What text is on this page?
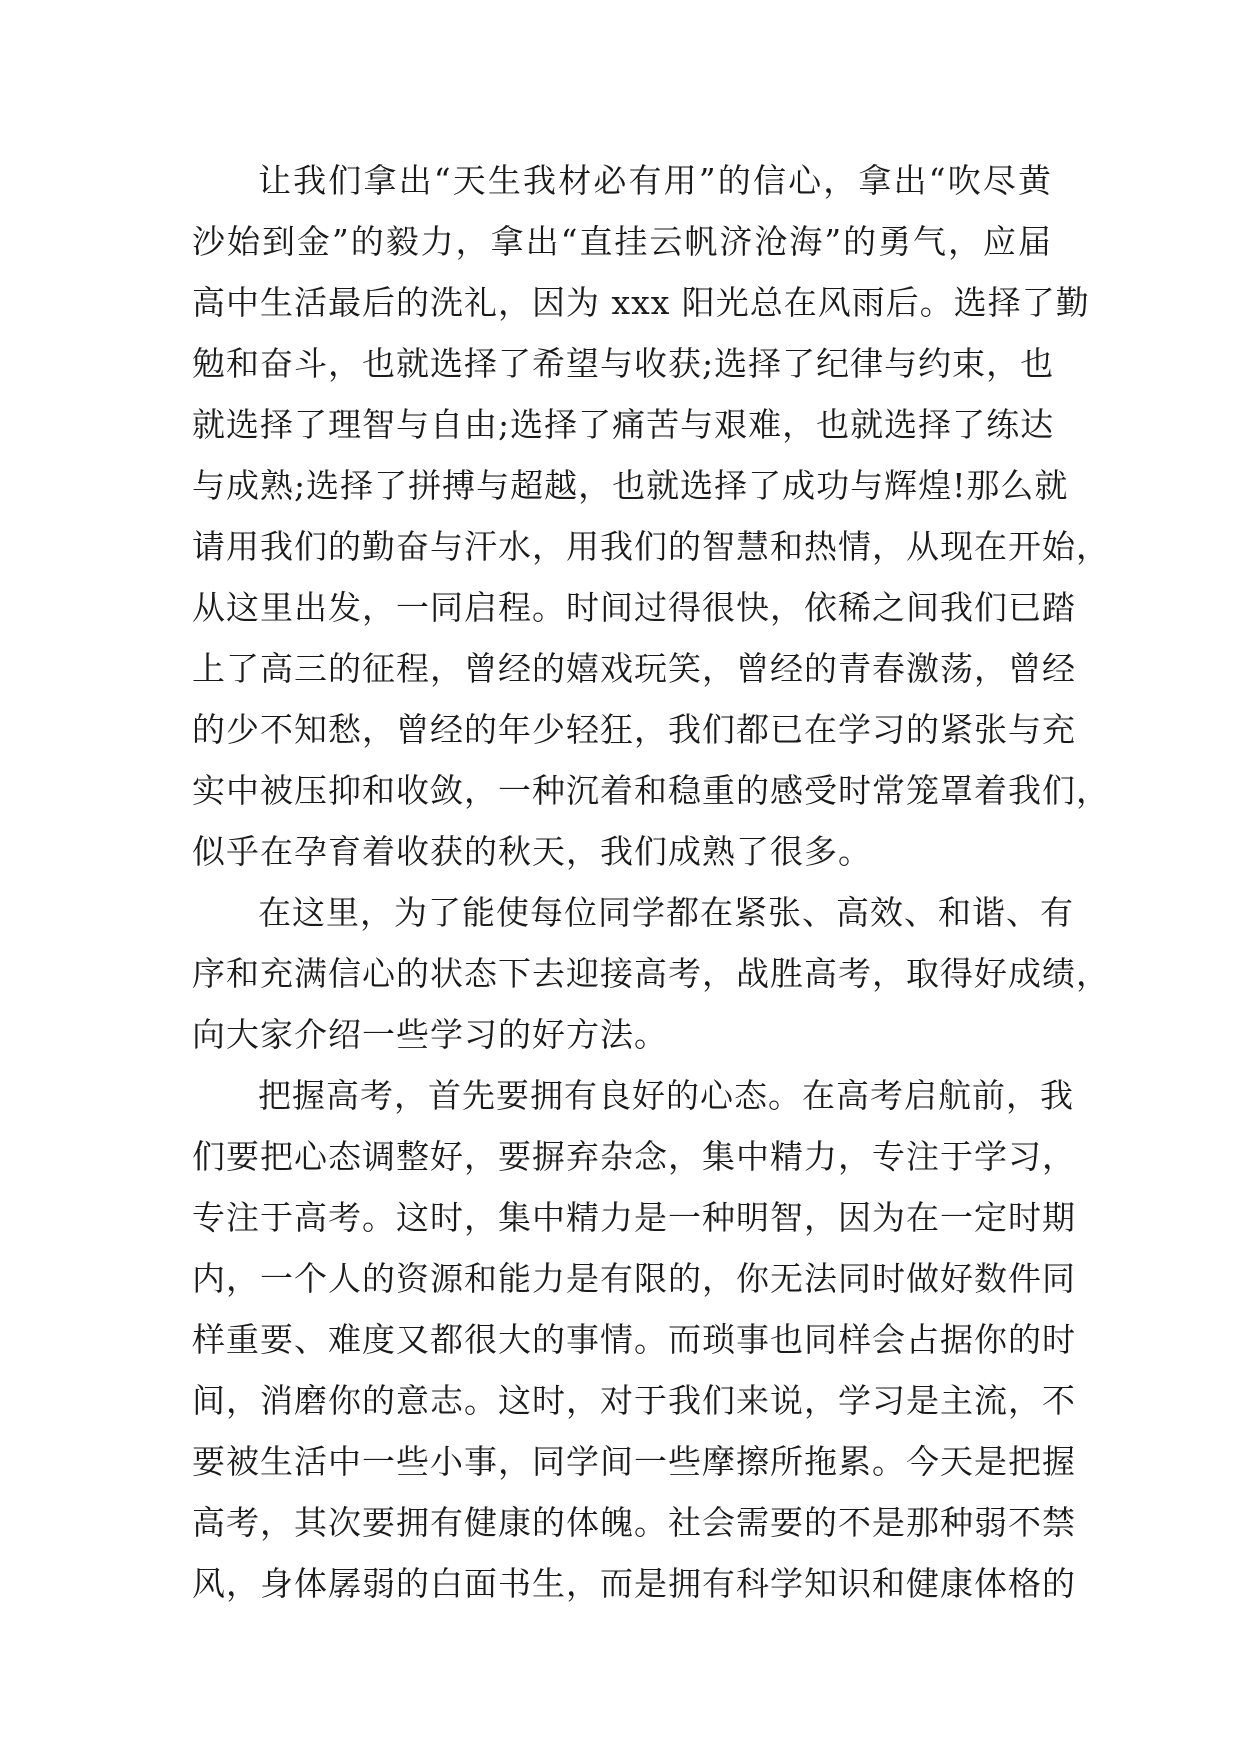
让我们拿出“天生我材必有用”的信心，拿出“吹尽黄
沙始到金”的毅力，拿出“直挂云帆济沧海”的勇气，应届
高中生活最后的洗礼，因为 xxx 阳光总在风雨后。选择了勤
勉和奋斗，也就选择了希望与收获;选择了纪律与约束，也
就选择了理智与自由;选择了痛苦与艰难，也就选择了练达
与成熟;选择了拼搏与超越，也就选择了成功与辉煌!那么就
请用我们的勤奋与汗水，用我们的智慧和热情，从现在开始，
从这里出发，一同启程。时间过得很快，依稀之间我们已踏
上了高三的征程，曾经的嬉戏玩笑，曾经的青春激荡，曾经
的少不知愁，曾经的年少轻狂，我们都已在学习的紧张与充
实中被压抑和收敛，一种沉着和稳重的感受时常笼罩着我们，
似乎在孕育着收获的秋天，我们成熟了很多。
在这里，为了能使每位同学都在紧张、高效、和谐、有
序和充满信心的状态下去迎接高考，战胜高考，取得好成绩，
向大家介绍一些学习的好方法。
把握高考，首先要拥有良好的心态。在高考启航前，我
们要把心态调整好，要摒弃杂念，集中精力，专注于学习，
专注于高考。这时，集中精力是一种明智，因为在一定时期
内，一个人的资源和能力是有限的，你无法同时做好数件同
样重要、难度又都很大的事情。而琐事也同样会占据你的时
间，消磨你的意志。这时，对于我们来说，学习是主流，不
要被生活中一些小事，同学间一些摩擦所拖累。今天是把握
高考，其次要拥有健康的体魄。社会需要的不是那种弱不禁
风，身体孱弱的白面书生，而是拥有科学知识和健康体格的
